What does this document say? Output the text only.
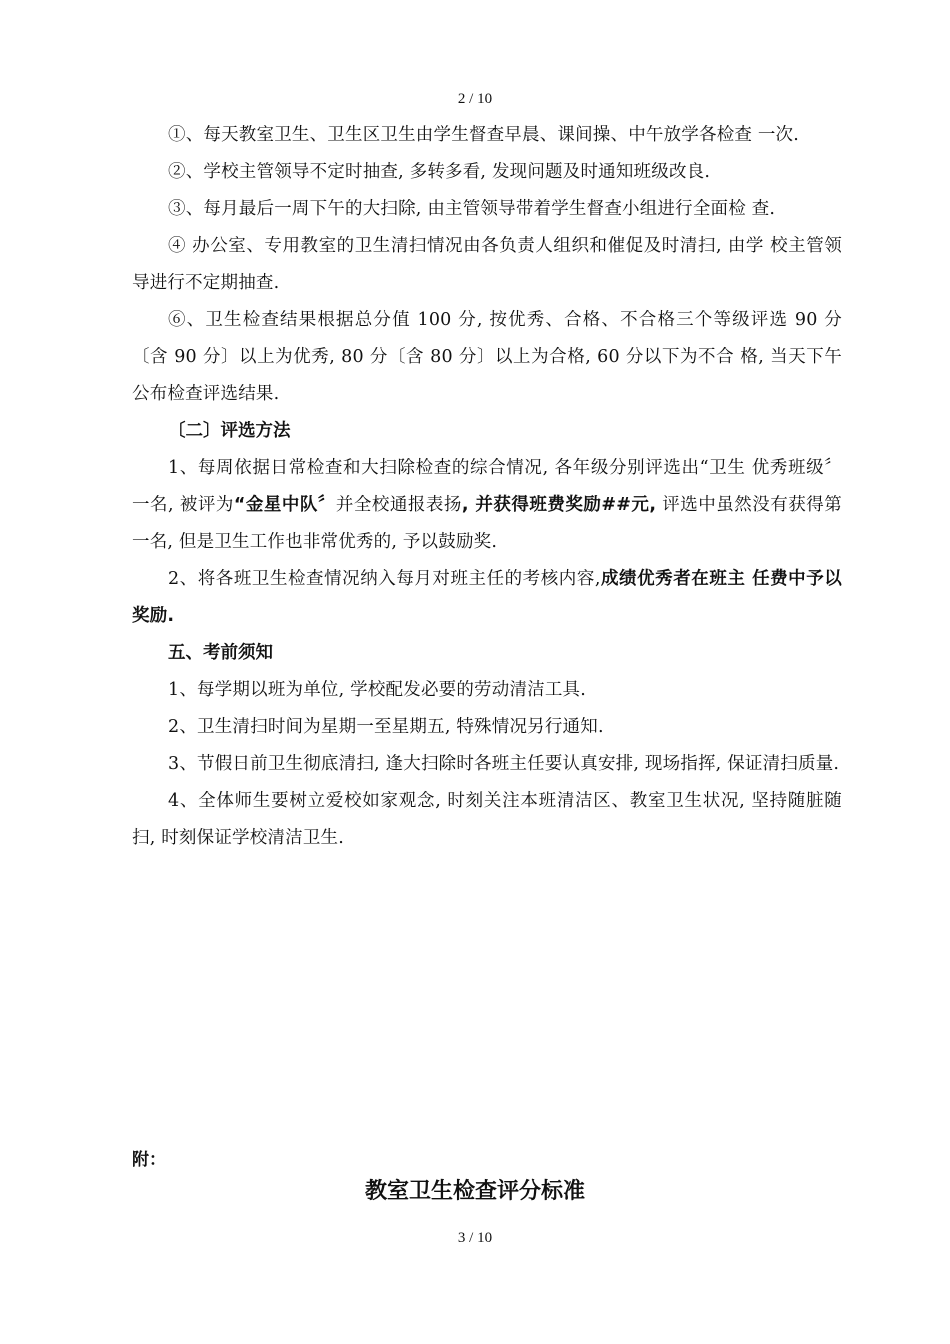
2 / 10

①、每天教室卫生、卫生区卫生由学生督查早晨、课间操、中午放学各检查 一次.

②、学校主管领导不定时抽查, 多转多看, 发现问题及时通知班级改良.

③、每月最后一周下午的大扫除, 由主管领导带着学生督查小组进行全面检 查.

④ 办公室、专用教室的卫生清扫情况由各负责人组织和催促及时清扫, 由学 校主管领导进行不定期抽查.

⑥、卫生检查结果根据总分值 100 分, 按优秀、合格、不合格三个等级评选 90 分〔含 90 分〕以上为优秀, 80 分〔含 80 分〕以上为合格, 60 分以下为不合 格, 当天下午公布检查评选结果.

〔二〕评选方法

1、每周依据日常检查和大扫除检查的综合情况, 各年级分别评选出“卫生 优秀班级〞一名, 被评为“金星中队〞并全校通报表扬, 并获得班费奖励##元, 评选中虽然没有获得第一名, 但是卫生工作也非常优秀的, 予以鼓励奖.

2、将各班卫生检查情况纳入每月对班主任的考核内容,成绩优秀者在班主 任费中予以奖励.

五、考前须知

1、每学期以班为单位, 学校配发必要的劳动清洁工具.

2、卫生清扫时间为星期一至星期五, 特殊情况另行通知.

3、节假日前卫生彻底清扫, 逢大扫除时各班主任要认真安排, 现场指挥, 保证清扫质量.

4、全体师生要树立爱校如家观念, 时刻关注本班清洁区、教室卫生状况, 坚持随脏随扫, 时刻保证学校清洁卫生.

附：
教室卫生检查评分标准
3 / 10
